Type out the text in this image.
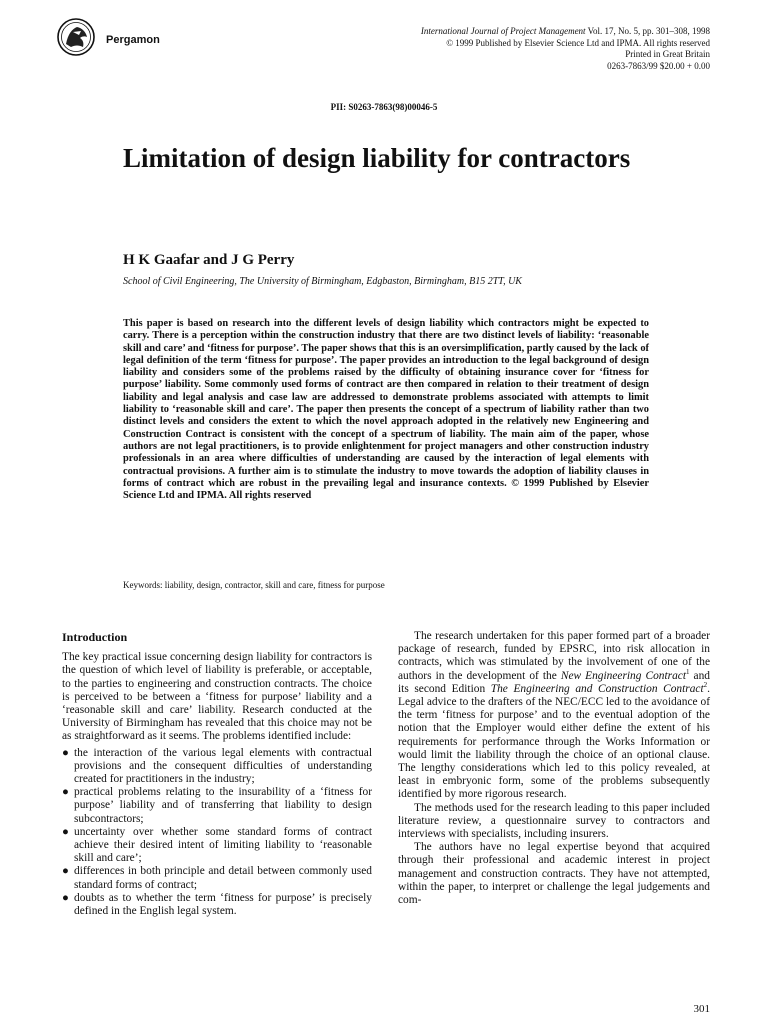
Pergamon
International Journal of Project Management Vol. 17, No. 5, pp. 301–308, 1998
© 1999 Published by Elsevier Science Ltd and IPMA. All rights reserved
Printed in Great Britain
0263-7863/99 $20.00 + 0.00
PII: S0263-7863(98)00046-5
Limitation of design liability for contractors

H K Gaafar and J G Perry

School of Civil Engineering, The University of Birmingham, Edgbaston, Birmingham, B15 2TT, UK

This paper is based on research into the different levels of design liability which contractors might be expected to carry. There is a perception within the construction industry that there are two distinct levels of liability: ‘reasonable skill and care’ and ‘fitness for purpose’. The paper shows that this is an oversimplification, partly caused by the lack of legal definition of the term ‘fitness for purpose’. The paper provides an introduction to the legal background of design liability and considers some of the problems raised by the difficulty of obtaining insurance cover for ‘fitness for purpose’ liability. Some commonly used forms of contract are then compared in relation to their treatment of design liability and legal analysis and case law are addressed to demonstrate problems associated with attempts to limit liability to ‘reasonable skill and care’. The paper then presents the concept of a spectrum of liability rather than two distinct levels and considers the extent to which the novel approach adopted in the relatively new Engineering and Construction Contract is consistent with the concept of a spectrum of liability. The main aim of the paper, whose authors are not legal practitioners, is to provide enlightenment for project managers and other construction industry professionals in an area where difficulties of understanding are caused by the interaction of legal elements with contractual provisions. A further aim is to stimulate the industry to move towards the adoption of liability clauses in forms of contract which are robust in the prevailing legal and insurance contexts. © 1999 Published by Elsevier Science Ltd and IPMA. All rights reserved

Keywords: liability, design, contractor, skill and care, fitness for purpose

Introduction

The key practical issue concerning design liability for contractors is the question of which level of liability is preferable, or acceptable, to the parties to engineering and construction contracts. The choice is perceived to be between a ‘fitness for purpose’ liability and a ‘reasonable skill and care’ liability. Research conducted at the University of Birmingham has revealed that this choice may not be as straightforward as it seems. The problems identified include:

● the interaction of the various legal elements with contractual provisions and the consequent difficulties of understanding created for practitioners in the industry;
● practical problems relating to the insurability of a ‘fitness for purpose’ liability and of transferring that liability to design subcontractors;
● uncertainty over whether some standard forms of contract achieve their desired intent of limiting liability to ‘reasonable skill and care’;
● differences in both principle and detail between commonly used standard forms of contract;
● doubts as to whether the term ‘fitness for purpose’ is precisely defined in the English legal system.

The research undertaken for this paper formed part of a broader package of research, funded by EPSRC, into risk allocation in contracts, which was stimulated by the involvement of one of the authors in the development of the New Engineering Contract$^1$ and its second Edition The Engineering and Construction Contract$^2$. Legal advice to the drafters of the NEC/ECC led to the avoidance of the term ‘fitness for purpose’ and to the eventual adoption of the notion that the Employer would either define the extent of his requirements for performance through the Works Information or would limit the liability through the choice of an optional clause. The lengthy considerations which led to this policy revealed, at least in embryonic form, some of the problems subsequently identified by more rigorous research.

The methods used for the research leading to this paper included literature review, a questionnaire survey to contractors and interviews with specialists, including insurers.

The authors have no legal expertise beyond that acquired through their professional and academic interest in project management and construction contracts. They have not attempted, within the paper, to interpret or challenge the legal judgements and com-

301
